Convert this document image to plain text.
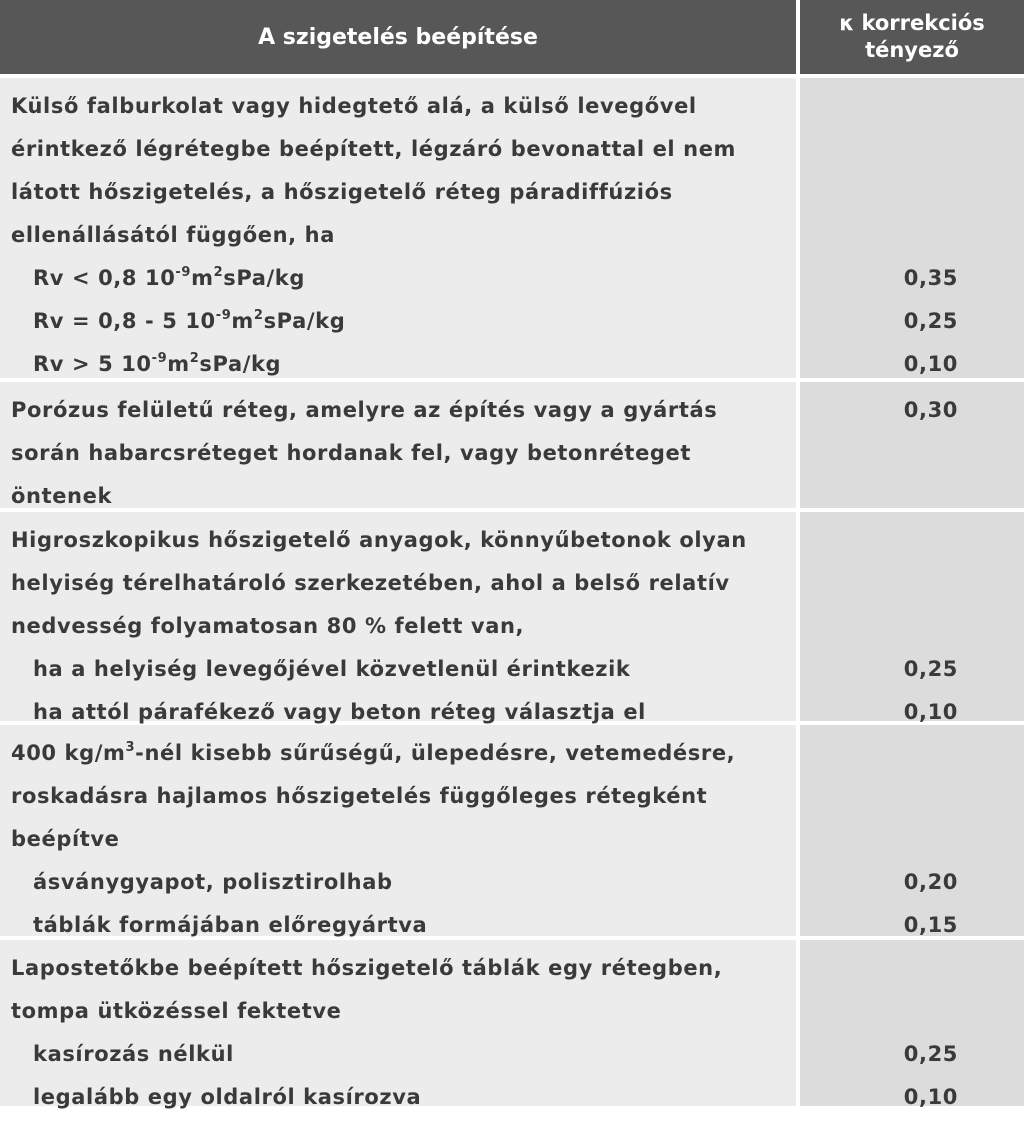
A szigetelés beépítése
κ korrekciós
tényező
Külső falburkolat vagy hidegtető alá, a külső levegővel
érintkező légrétegbe beépített, légzáró bevonattal el nem
látott hőszigetelés, a hőszigetelő réteg páradiffúziós
ellenállásától függően, ha
Rv < 0,8 $10^{-9}m^2sPa/kg$
Rv = 0,8 - 5 $10^{-9}m^2sPa/kg$
Rv > 5 $10^{-9}m^2sPa/kg$
0,35
0,25
0,10
Porózus felületű réteg, amelyre az építés vagy a gyártás
során habarcsréteget hordanak fel, vagy betonréteget
öntenek
0,30
Higroszkopikus hőszigetelő anyagok, könnyűbetonok olyan
helyiség térelhatároló szerkezetében, ahol a belső relatív
nedvesség folyamatosan 80 % felett van,
ha a helyiség levegőjével közvetlenül érintkezik
ha attól párafékező vagy beton réteg választja el
0,25
0,10
400 $kg/m^3$-nél kisebb sűrűségű, ülepedésre, vetemedésre,
roskadásra hajlamos hőszigetelés függőleges rétegként
beépítve
ásványgyapot, polisztirolhab
táblák formájában előregyártva
0,20
0,15
Lapostetőkbe beépített hőszigetelő táblák egy rétegben,
tompa ütközéssel fektetve
kasírozás nélkül
legalább egy oldalról kasírozva
0,25
0,10
